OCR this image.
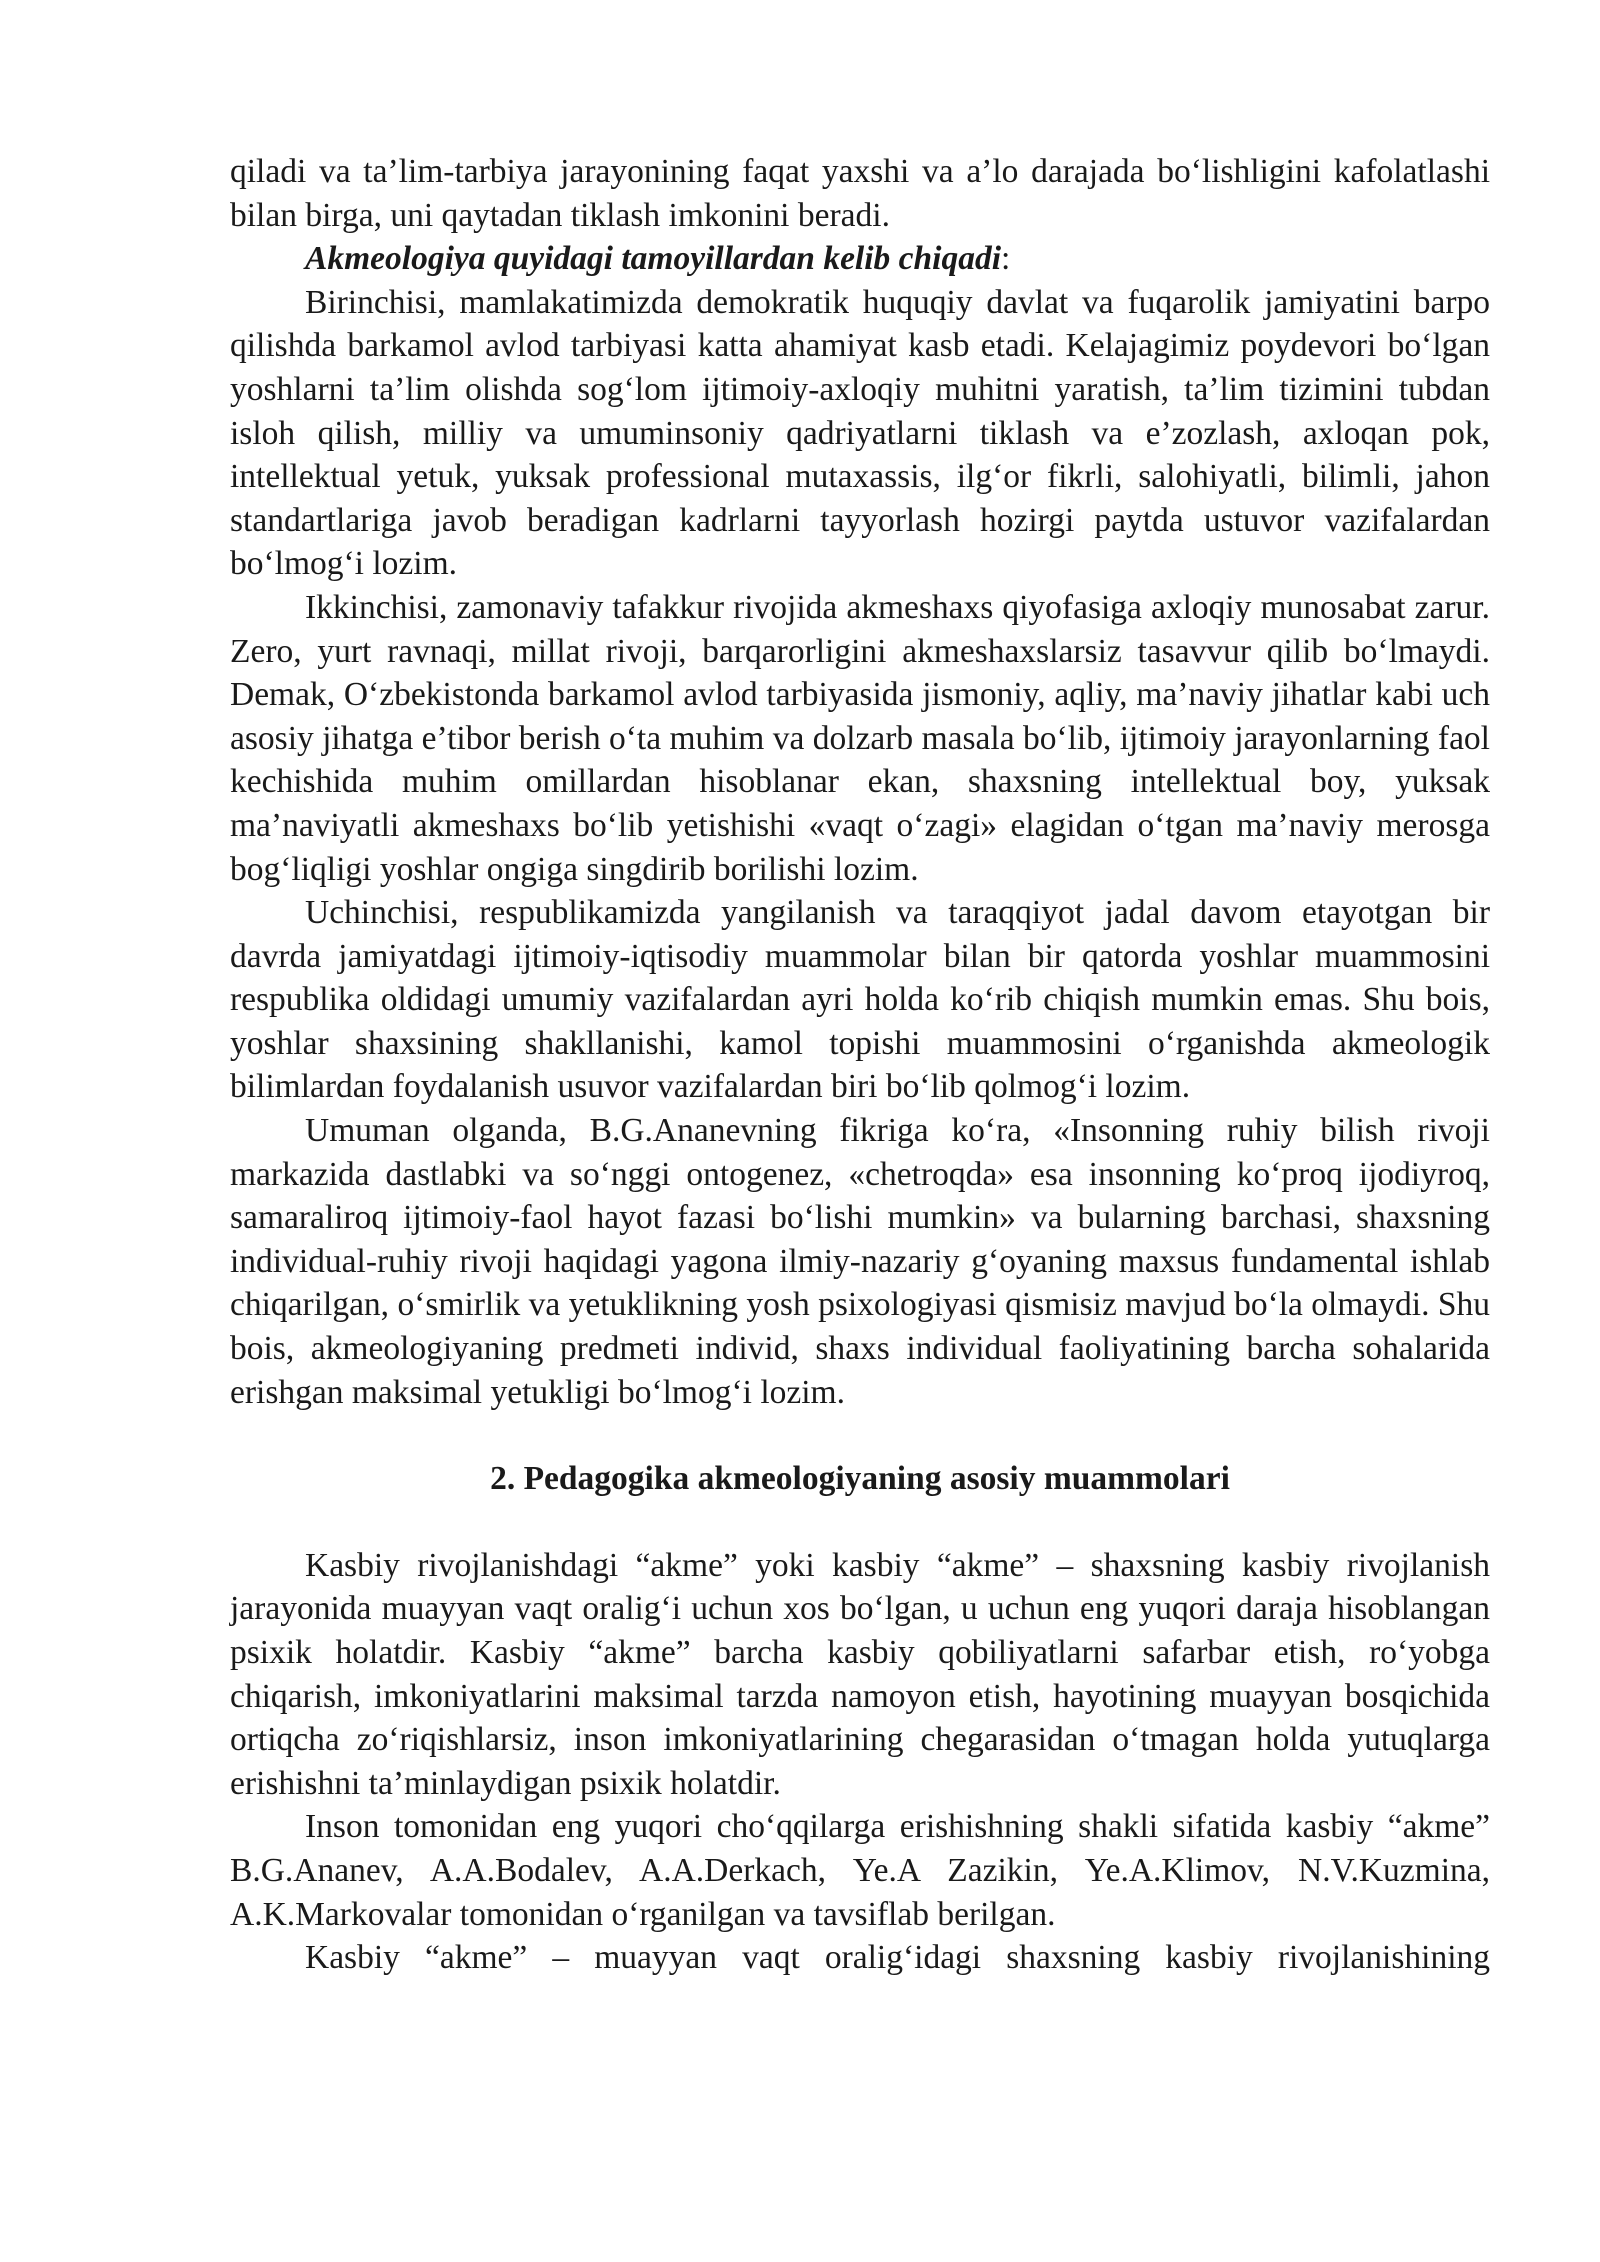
qiladi va ta’lim-tarbiya jarayonining faqat yaxshi va a’lo darajada bo‘lishligini kafolatlashi bilan birga, uni qaytadan tiklash imkonini beradi.

Akmeologiya quyidagi tamoyillardan kelib chiqadi:

Birinchisi, mamlakatimizda demokratik huquqiy davlat va fuqarolik jamiyatini barpo qilishda barkamol avlod tarbiyasi katta ahamiyat kasb etadi. Kelajagimiz poydevori bo‘lgan yoshlarni ta’lim olishda sog‘lom ijtimoiy-axloqiy muhitni yaratish, ta’lim tizimini tubdan isloh qilish, milliy va umuminsoniy qadriyatlarni tiklash va e’zozlash, axloqan pok, intellektual yetuk, yuksak professional mutaxassis, ilg‘or fikrli, salohiyatli, bilimli, jahon standartlariga javob beradigan kadrlarni tayyorlash hozirgi paytda ustuvor vazifalardan bo‘lmog‘i lozim.

Ikkinchisi, zamonaviy tafakkur rivojida akmeshaxs qiyofasiga axloqiy munosabat zarur. Zero, yurt ravnaqi, millat rivoji, barqarorligini akmeshaxslarsiz tasavvur qilib bo‘lmaydi. Demak, O‘zbekistonda barkamol avlod tarbiyasida jismoniy, aqliy, ma’naviy jihatlar kabi uch asosiy jihatga e’tibor berish o‘ta muhim va dolzarb masala bo‘lib, ijtimoiy jarayonlarning faol kechishida muhim omillardan hisoblanar ekan, shaxsning intellektual boy, yuksak ma’naviyatli akmeshaxs bo‘lib yetishishi «vaqt o‘zagi» elagidan o‘tgan ma’naviy merosga bog‘liqligi yoshlar ongiga singdirib borilishi lozim.

Uchinchisi, respublikamizda yangilanish va taraqqiyot jadal davom etayotgan bir davrda jamiyatdagi ijtimoiy-iqtisodiy muammolar bilan bir qatorda yoshlar muammosini respublika oldidagi umumiy vazifalardan ayri holda ko‘rib chiqish mumkin emas. Shu bois, yoshlar shaxsining shakllanishi, kamol topishi muammosini o‘rganishda akmeologik bilimlardan foydalanish usuvor vazifalardan biri bo‘lib qolmog‘i lozim.

Umuman olganda, B.G.Ananevning fikriga ko‘ra, «Insonning ruhiy bilish rivoji markazida dastlabki va so‘nggi ontogenez, «chetroqda» esa insonning ko‘proq ijodiyroq, samaraliroq ijtimoiy-faol hayot fazasi bo‘lishi mumkin» va bularning barchasi, shaxsning individual-ruhiy rivoji haqidagi yagona ilmiy-nazariy g‘oyaning maxsus fundamental ishlab chiqarilgan, o‘smirlik va yetuklikning yosh psixologiyasi qismisiz mavjud bo‘la olmaydi. Shu bois, akmeologiyaning predmeti individ, shaxs individual faoliyatining barcha sohalarida erishgan maksimal yetukligi bo‘lmog‘i lozim.

2. Pedagogika akmeologiyaning asosiy muammolari

Kasbiy rivojlanishdagi “akme” yoki kasbiy “akme” – shaxsning kasbiy rivojlanish jarayonida muayyan vaqt oralig‘i uchun xos bo‘lgan, u uchun eng yuqori daraja hisoblangan psixik holatdir. Kasbiy “akme” barcha kasbiy qobiliyatlarni safarbar etish, ro‘yobga chiqarish, imkoniyatlarini maksimal tarzda namoyon etish, hayotining muayyan bosqichida ortiqcha zo‘riqishlarsiz, inson imkoniyatlarining chegarasidan o‘tmagan holda yutuqlarga erishishni ta’minlaydigan psixik holatdir.

Inson tomonidan eng yuqori cho‘qqilarga erishishning shakli sifatida kasbiy “akme” B.G.Ananev, A.A.Bodalev, A.A.Derkach, Ye.A Zazikin, Ye.A.Klimov, N.V.Kuzmina, A.K.Markovalar tomonidan o‘rganilgan va tavsiflab berilgan.

Kasbiy “akme” – muayyan vaqt oralig‘idagi shaxsning kasbiy rivojlanishining
